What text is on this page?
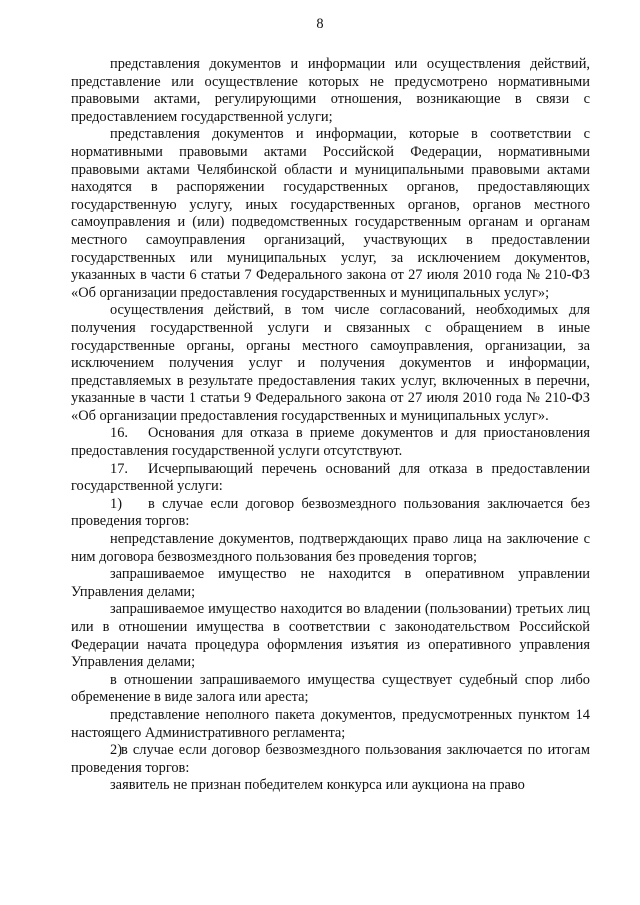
8

представления документов и информации или осуществления действий, представление или осуществление которых не предусмотрено нормативными правовыми актами, регулирующими отношения, возникающие в связи с предоставлением государственной услуги;

представления документов и информации, которые в соответствии с нормативными правовыми актами Российской Федерации, нормативными правовыми актами Челябинской области и муниципальными правовыми актами находятся в распоряжении государственных органов, предоставляющих государственную услугу, иных государственных органов, органов местного самоуправления и (или) подведомственных государственным органам и органам местного самоуправления организаций, участвующих в предоставлении государственных или муниципальных услуг, за исключением документов, указанных в части 6 статьи 7 Федерального закона от 27 июля 2010 года № 210-ФЗ «Об организации предоставления государственных и муниципальных услуг»;

осуществления действий, в том числе согласований, необходимых для получения государственной услуги и связанных с обращением в иные государственные органы, органы местного самоуправления, организации, за исключением получения услуг и получения документов и информации, представляемых в результате предоставления таких услуг, включенных в перечни, указанные в части 1 статьи 9 Федерального закона от 27 июля 2010 года № 210-ФЗ «Об организации предоставления государственных и муниципальных услуг».

16. Основания для отказа в приеме документов и для приостановления предоставления государственной услуги отсутствуют.

17. Исчерпывающий перечень оснований для отказа в предоставлении государственной услуги:

1) в случае если договор безвозмездного пользования заключается без проведения торгов:

непредставление документов, подтверждающих право лица на заключение с ним договора безвозмездного пользования без проведения торгов;

запрашиваемое имущество не находится в оперативном управлении Управления делами;

запрашиваемое имущество находится во владении (пользовании) третьих лиц или в отношении имущества в соответствии с законодательством Российской Федерации начата процедура оформления изъятия из оперативного управления Управления делами;

в отношении запрашиваемого имущества существует судебный спор либо обременение в виде залога или ареста;

представление неполного пакета документов, предусмотренных пунктом 14 настоящего Административного регламента;

2)в случае если договор безвозмездного пользования заключается по итогам проведения торгов:

заявитель не признан победителем конкурса или аукциона на право
